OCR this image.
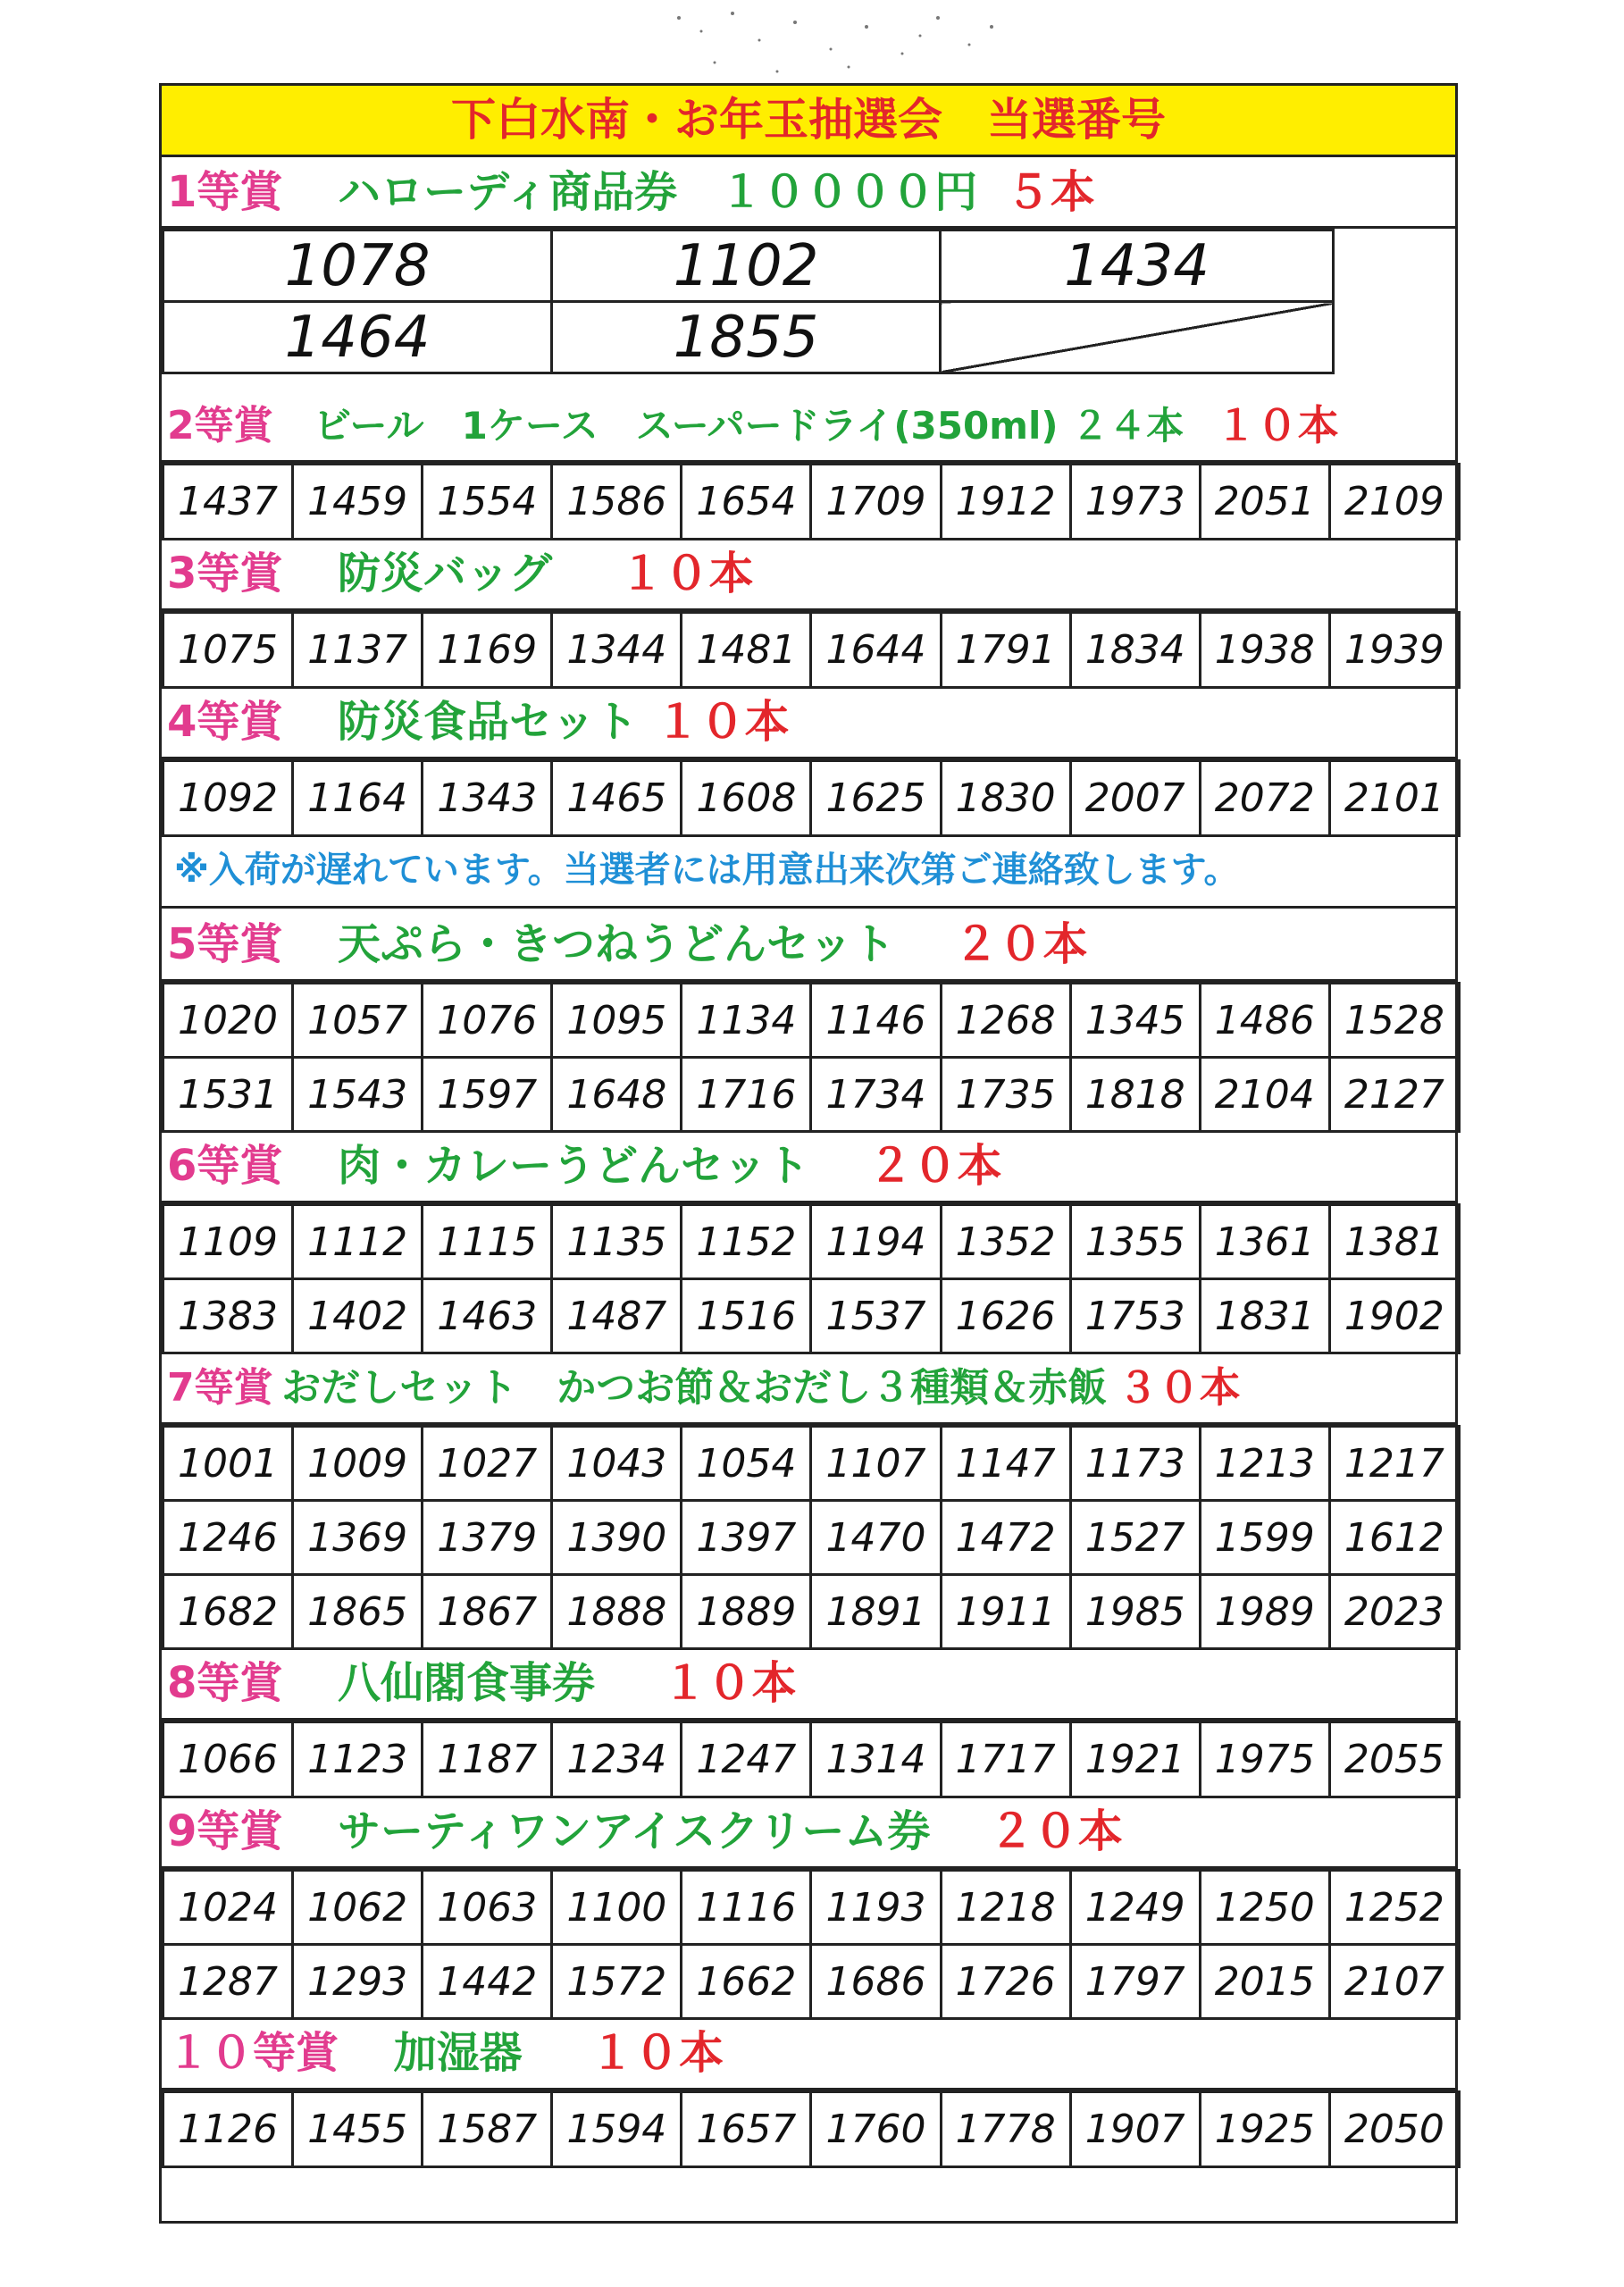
下白水南・お年玉抽選会　当選番号
1等賞 ハローディ商品券　１００００円 ５本
1078	1102	1434
1464	1855	
2等賞 ビール　1ケース　スーパードライ(350ml) ２４本 １０本
1437	1459	1554	1586	1654	1709	1912	1973	2051	2109
3等賞 防災バッグ １０本
1075	1137	1169	1344	1481	1644	1791	1834	1938	1939
4等賞 防災食品セット １０本
1092	1164	1343	1465	1608	1625	1830	2007	2072	2101
※入荷が遅れています。当選者には用意出来次第ご連絡致します。
5等賞 天ぷら・きつねうどんセット ２０本
1020	1057	1076	1095	1134	1146	1268	1345	1486	1528
1531	1543	1597	1648	1716	1734	1735	1818	2104	2127
6等賞 肉・カレーうどんセット ２０本
1109	1112	1115	1135	1152	1194	1352	1355	1361	1381
1383	1402	1463	1487	1516	1537	1626	1753	1831	1902
7等賞 おだしセット　かつお節＆おだし３種類＆赤飯 ３０本
1001	1009	1027	1043	1054	1107	1147	1173	1213	1217
1246	1369	1379	1390	1397	1470	1472	1527	1599	1612
1682	1865	1867	1888	1889	1891	1911	1985	1989	2023
8等賞 八仙閣食事券 １０本
1066	1123	1187	1234	1247	1314	1717	1921	1975	2055
9等賞 サーティワンアイスクリーム券 ２０本
1024	1062	1063	1100	1116	1193	1218	1249	1250	1252
1287	1293	1442	1572	1662	1686	1726	1797	2015	2107
１０等賞 加湿器 １０本
1126	1455	1587	1594	1657	1760	1778	1907	1925	2050
